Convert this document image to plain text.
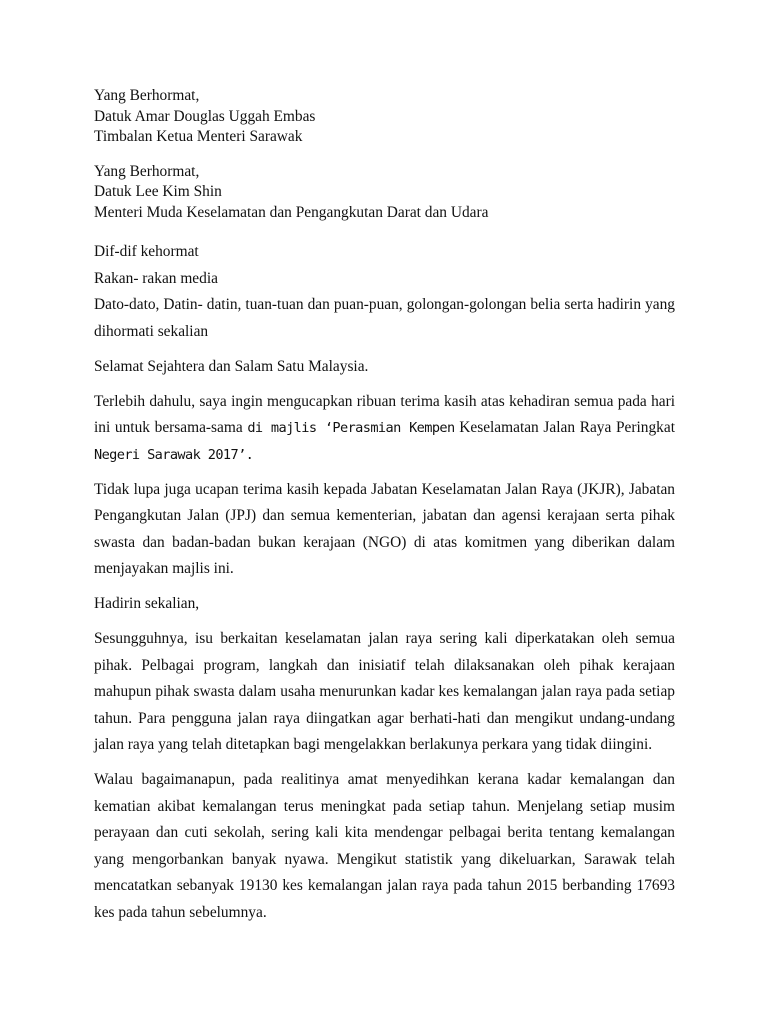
Yang Berhormat,
Datuk Amar Douglas Uggah Embas
Timbalan Ketua Menteri Sarawak
Yang Berhormat,
Datuk Lee Kim Shin
Menteri Muda Keselamatan dan Pengangkutan Darat dan Udara

Dif-dif kehormat

Rakan- rakan media

Dato-dato, Datin- datin, tuan-tuan dan puan-puan, golongan-golongan belia serta hadirin yang dihormati sekalian

Selamat Sejahtera dan Salam Satu Malaysia.

Terlebih dahulu, saya ingin mengucapkan ribuan terima kasih atas kehadiran semua pada hari ini untuk bersama-sama di majlis ‘Perasmian Kempen Keselamatan Jalan Raya Peringkat Negeri Sarawak 2017’.

Tidak lupa juga ucapan terima kasih kepada Jabatan Keselamatan Jalan Raya (JKJR), Jabatan Pengangkutan Jalan (JPJ) dan semua kementerian, jabatan dan agensi kerajaan serta pihak swasta dan badan-badan bukan kerajaan (NGO) di atas komitmen yang diberikan dalam menjayakan majlis ini.

Hadirin sekalian,

Sesungguhnya, isu berkaitan keselamatan jalan raya sering kali diperkatakan oleh semua pihak. Pelbagai program, langkah dan inisiatif telah dilaksanakan oleh pihak kerajaan mahupun pihak swasta dalam usaha menurunkan kadar kes kemalangan jalan raya pada setiap tahun. Para pengguna jalan raya diingatkan agar berhati-hati dan mengikut undang-undang jalan raya yang telah ditetapkan bagi mengelakkan berlakunya perkara yang tidak diingini.

Walau bagaimanapun, pada realitinya amat menyedihkan kerana kadar kemalangan dan kematian akibat kemalangan terus meningkat pada setiap tahun. Menjelang setiap musim perayaan dan cuti sekolah, sering kali kita mendengar pelbagai berita tentang kemalangan yang mengorbankan banyak nyawa. Mengikut statistik yang dikeluarkan, Sarawak telah mencatatkan sebanyak 19130 kes kemalangan jalan raya pada tahun 2015 berbanding 17693 kes pada tahun sebelumnya.
